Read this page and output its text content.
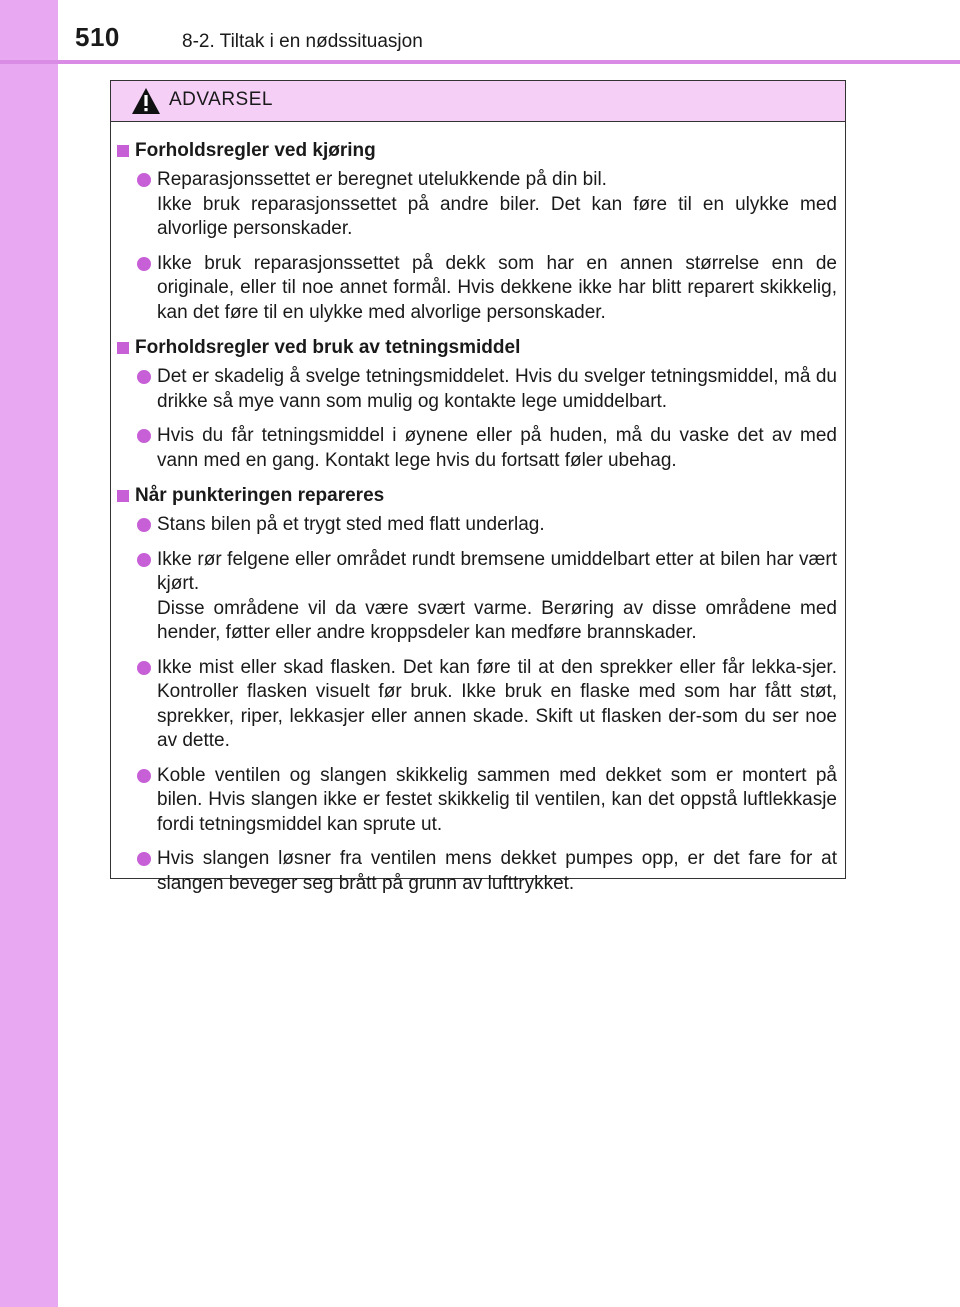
510	8-2. Tiltak i en nødssituasjon
ADVARSEL
Forholdsregler ved kjøring

Reparasjonssettet er beregnet utelukkende på din bil.

Ikke bruk reparasjonssettet på andre biler. Det kan føre til en ulykke med alvorlige personskader.

Ikke bruk reparasjonssettet på dekk som har en annen størrelse enn de originale, eller til noe annet formål. Hvis dekkene ikke har blitt reparert skikkelig, kan det føre til en ulykke med alvorlige personskader.

Forholdsregler ved bruk av tetningsmiddel

Det er skadelig å svelge tetningsmiddelet. Hvis du svelger tetningsmiddel, må du drikke så mye vann som mulig og kontakte lege umiddelbart.

Hvis du får tetningsmiddel i øynene eller på huden, må du vaske det av med vann med en gang. Kontakt lege hvis du fortsatt føler ubehag.

Når punkteringen repareres

Stans bilen på et trygt sted med flatt underlag.

Ikke rør felgene eller området rundt bremsene umiddelbart etter at bilen har vært kjørt.

Disse områdene vil da være svært varme. Berøring av disse områdene med hender, føtter eller andre kroppsdeler kan medføre brannskader.

Ikke mist eller skad flasken. Det kan føre til at den sprekker eller får lekka-sjer. Kontroller flasken visuelt før bruk. Ikke bruk en flaske med som har fått støt, sprekker, riper, lekkasjer eller annen skade. Skift ut flasken der-som du ser noe av dette.

Koble ventilen og slangen skikkelig sammen med dekket som er montert på bilen. Hvis slangen ikke er festet skikkelig til ventilen, kan det oppstå luftlekkasje fordi tetningsmiddel kan sprute ut.

Hvis slangen løsner fra ventilen mens dekket pumpes opp, er det fare for at slangen beveger seg brått på grunn av lufttrykket.
